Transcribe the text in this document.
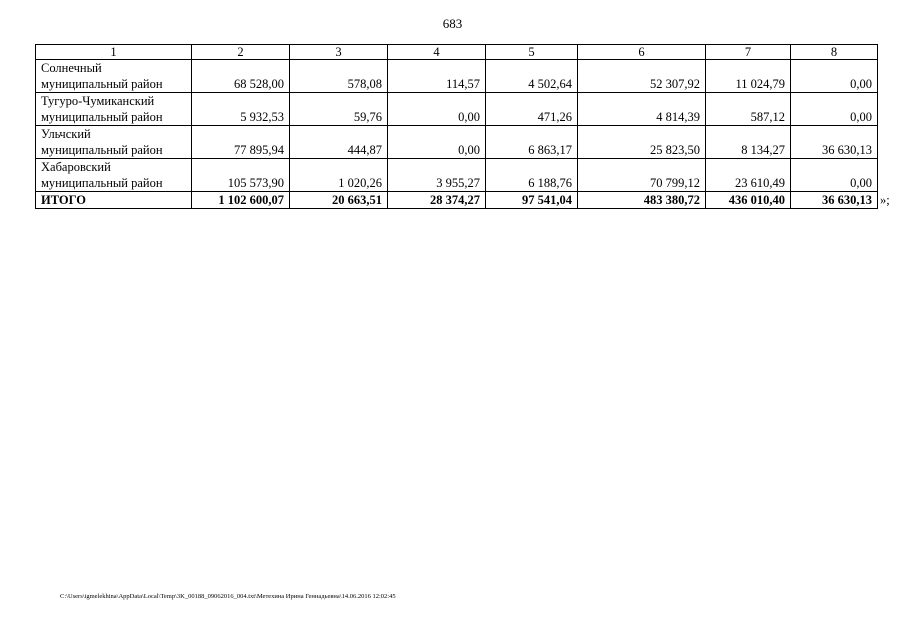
683
1	2	3	4	5	6	7	8

Солнечный
муниципальный район	68 528,00	578,08	114,57	4 502,64	52 307,92	11 024,79	0,00

Тугуро-Чумиканский
муниципальный район	5 932,53	59,76	0,00	471,26	4 814,39	587,12	0,00

Ульчский
муниципальный район	77 895,94	444,87	0,00	6 863,17	25 823,50	8 134,27	36 630,13

Хабаровский
муниципальный район	105 573,90	1 020,26	3 955,27	6 188,76	70 799,12	23 610,49	0,00
ИТОГО	1 102 600,07	20 663,51	28 374,27	97 541,04	483 380,72	436 010,40	36 630,13 »;
C:\Users\igmelekhina\AppData\Local\Temp\3K_00188_09062016_004.txt\Метехина Ирина Геннадьевна\14.06.2016 12:02:45
